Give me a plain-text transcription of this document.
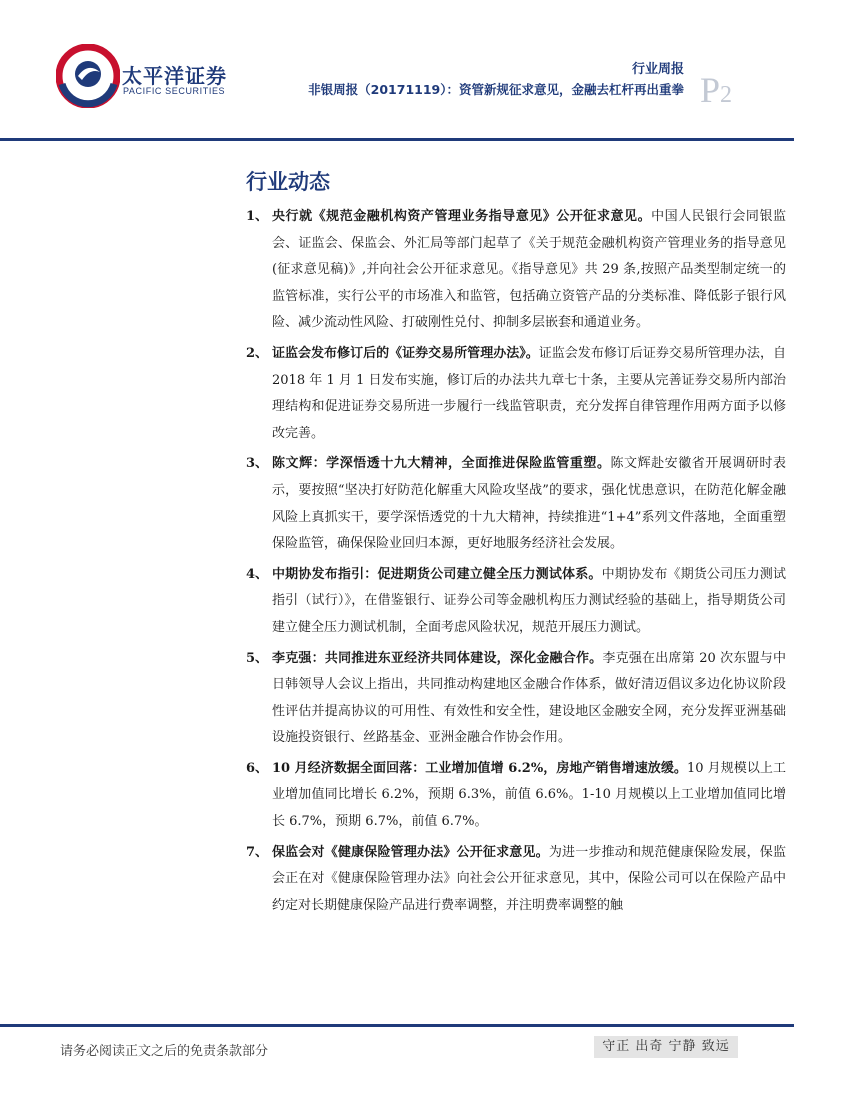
太平洋证券
PACIFIC SECURITIES
行业周报
非银周报（20171119）：资管新规征求意见，金融去杠杆再出重拳 P2
行业动态
1、 央行就《规范金融机构资产管理业务指导意见》公开征求意见。中国人民银行会同银监会、证监会、保监会、外汇局等部门起草了《关于规范金融机构资产管理业务的指导意见(征求意见稿)》,并向社会公开征求意见。《指导意见》共 29 条,按照产品类型制定统一的监管标准，实行公平的市场准入和监管，包括确立资管产品的分类标准、降低影子银行风险、减少流动性风险、打破刚性兑付、抑制多层嵌套和通道业务。
2、 证监会发布修订后的《证券交易所管理办法》。证监会发布修订后证券交易所管理办法，自 2018 年 1 月 1 日发布实施，修订后的办法共九章七十条，主要从完善证券交易所内部治理结构和促进证券交易所进一步履行一线监管职责，充分发挥自律管理作用两方面予以修改完善。
3、 陈文辉：学深悟透十九大精神，全面推进保险监管重塑。陈文辉赴安徽省开展调研时表示，要按照“坚决打好防范化解重大风险攻坚战”的要求，强化忧患意识，在防范化解金融风险上真抓实干，要学深悟透党的十九大精神，持续推进“1+4”系列文件落地，全面重塑保险监管，确保保险业回归本源，更好地服务经济社会发展。
4、 中期协发布指引：促进期货公司建立健全压力测试体系。中期协发布《期货公司压力测试指引（试行）》，在借鉴银行、证券公司等金融机构压力测试经验的基础上，指导期货公司建立健全压力测试机制，全面考虑风险状况，规范开展压力测试。
5、 李克强：共同推进东亚经济共同体建设，深化金融合作。李克强在出席第 20 次东盟与中日韩领导人会议上指出，共同推动构建地区金融合作体系，做好清迈倡议多边化协议阶段性评估并提高协议的可用性、有效性和安全性，建设地区金融安全网，充分发挥亚洲基础设施投资银行、丝路基金、亚洲金融合作协会作用。
6、 10 月经济数据全面回落：工业增加值增 6.2%，房地产销售增速放缓。10 月规模以上工业增加值同比增长 6.2%，预期 6.3%，前值 6.6%。1-10 月规模以上工业增加值同比增长 6.7%，预期 6.7%，前值 6.7%。
7、 保监会对《健康保险管理办法》公开征求意见。为进一步推动和规范健康保险发展，保监会正在对《健康保险管理办法》向社会公开征求意见，其中，保险公司可以在保险产品中约定对长期健康保险产品进行费率调整，并注明费率调整的触
请务必阅读正文之后的免责条款部分	守正 出奇 宁静 致远
